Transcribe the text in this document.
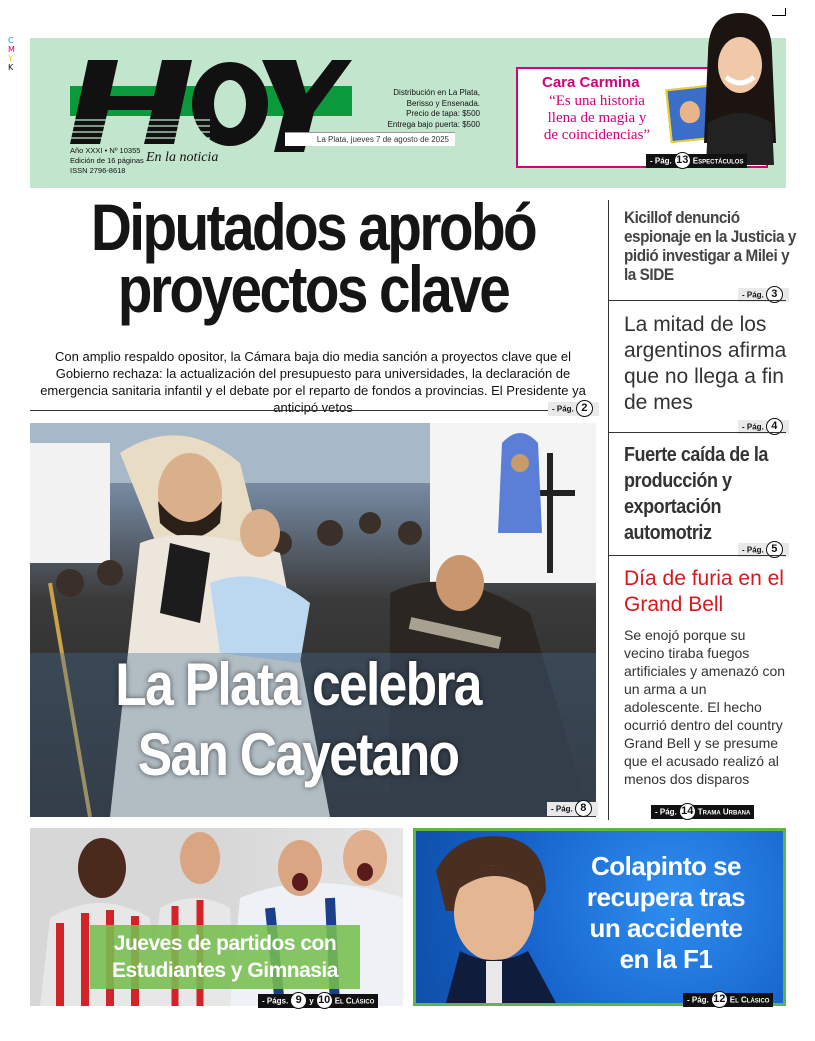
C
M
Y
K
En la noticia
Año XXXI • Nº 10355
Edición de 16 páginas
ISSN 2796-8618
Distribución en La Plata,
Berisso y Ensenada.
Precio de tapa: $500
Entrega bajo puerta: $500
La Plata, jueves 7 de agosto de 2025
Cara Carmina
“Es una historia
llena de magia y
de coincidencias”
- Pág. 13 Espectáculos
Diputados aprobó
proyectos clave
Con amplio respaldo opositor, la Cámara baja dio media sanción a proyectos clave que el Gobierno rechaza: la actualización del presupuesto para universidades, la declaración de emergencia sanitaria infantil y el debate por el reparto de fondos a provincias. El Presidente ya anticipó vetos	- Pág. 2
La Plata celebra
San Cayetano
- Pág. 8
Kicillof denunció espionaje en la Justicia y pidió investigar a Milei y la SIDE
- Pág. 3
La mitad de los argentinos afirma que no llega a fin de mes
- Pág. 4
Fuerte caída de la producción y exportación automotriz
- Pág. 5
Día de furia en el Grand Bell
Se enojó porque su vecino tiraba fuegos artificiales y amenazó con un arma a un adolescente. El hecho ocurrió dentro del country Grand Bell y se presume que el acusado realizó al menos dos disparos
- Pág. 14 Trama Urbana
Jueves de partidos con
Estudiantes y Gimnasia
- Págs. 9 y 10 El Clásico
Colapinto se
recupera tras
un accidente
en la F1
- Pág. 12 El Clásico
